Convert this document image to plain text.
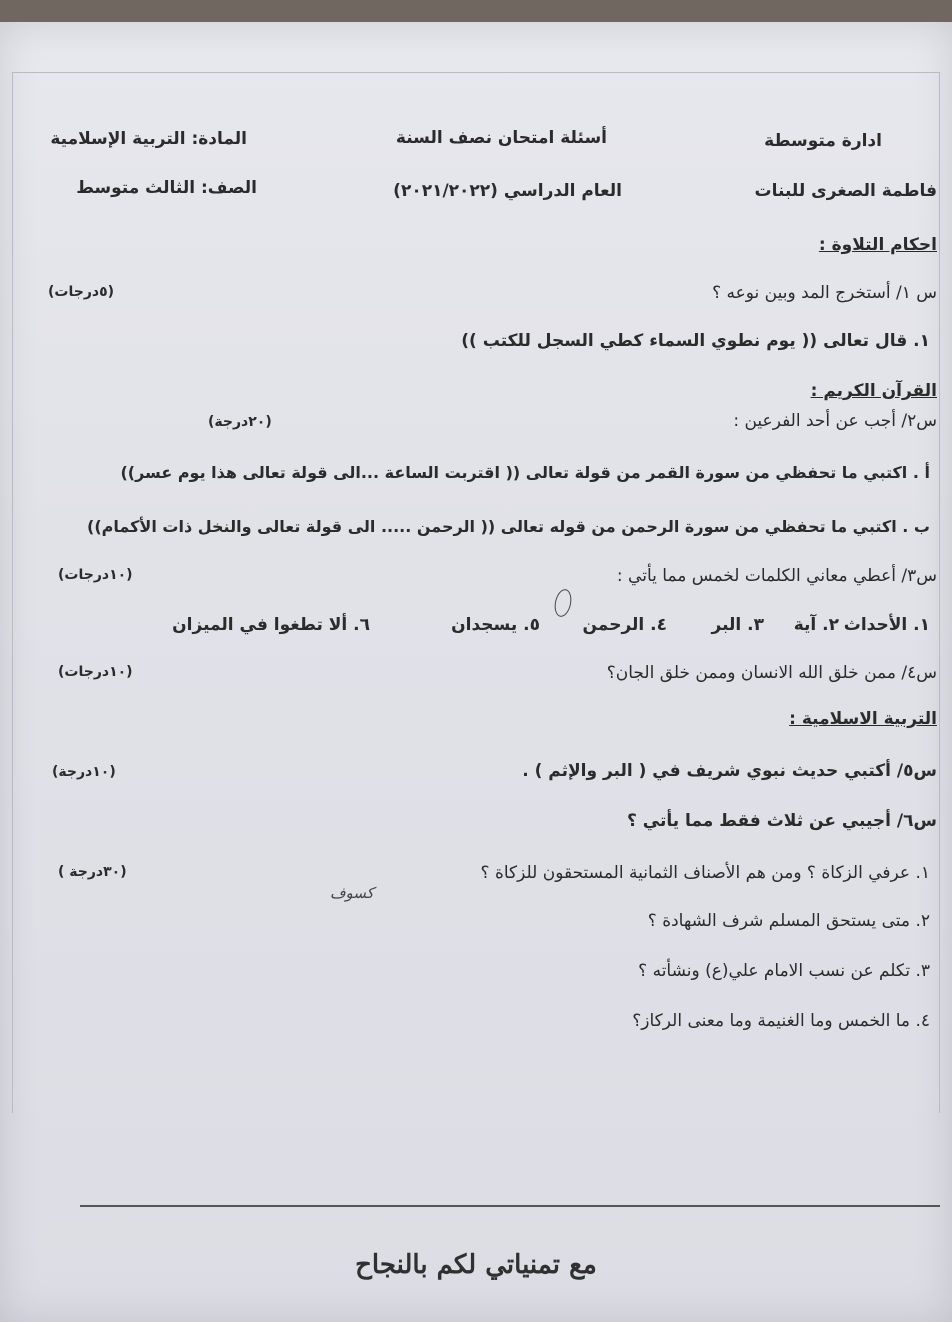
ادارة متوسطة
فاطمة الصغرى للبنات
أسئلة امتحان نصف السنة
العام الدراسي (٢٠٢١/٢٠٢٢)
المادة: التربية الإسلامية
الصف: الثالث متوسط
احكام التلاوة :
س ١/ أستخرج المد وبين نوعه ؟
(٥درجات)
١. قال تعالى (( يوم نطوي السماء كطي السجل للكتب ))
القرآن الكريم :
س٢/ أجب عن أحد الفرعين :
(٢٠درجة)
أ . اكتبي ما تحفظي من سورة القمر من قولة تعالى (( اقتربت الساعة ...الى قولة تعالى هذا يوم عسر))
ب . اكتبي ما تحفظي من سورة الرحمن من قوله تعالى (( الرحمن ..... الى قولة تعالى والنخل ذات الأكمام))
س٣/ أعطي معاني الكلمات لخمس مما يأتي :
(١٠درجات)
١. الأحداث
٢. آية
٣. البر
٤. الرحمن
٥. يسجدان
٦. ألا تطغوا في الميزان
س٤/ ممن خلق الله الانسان وممن خلق الجان؟
(١٠درجات)
التربية الاسلامية :
س٥/ أكتبي حديث نبوي شريف في ( البر والإثم ) .
(١٠درجة)
س٦/ أجيبي عن ثلاث فقط مما يأتي ؟
١. عرفي الزكاة ؟ ومن هم الأصناف الثمانية المستحقون للزكاة ؟
كسوف
(٣٠درجة )
٢. متى يستحق المسلم شرف الشهادة ؟
٣. تكلم عن نسب الامام علي(ع) ونشأته ؟
٤. ما الخمس وما الغنيمة وما معنى الركاز؟
مع تمنياتي لكم بالنجاح
